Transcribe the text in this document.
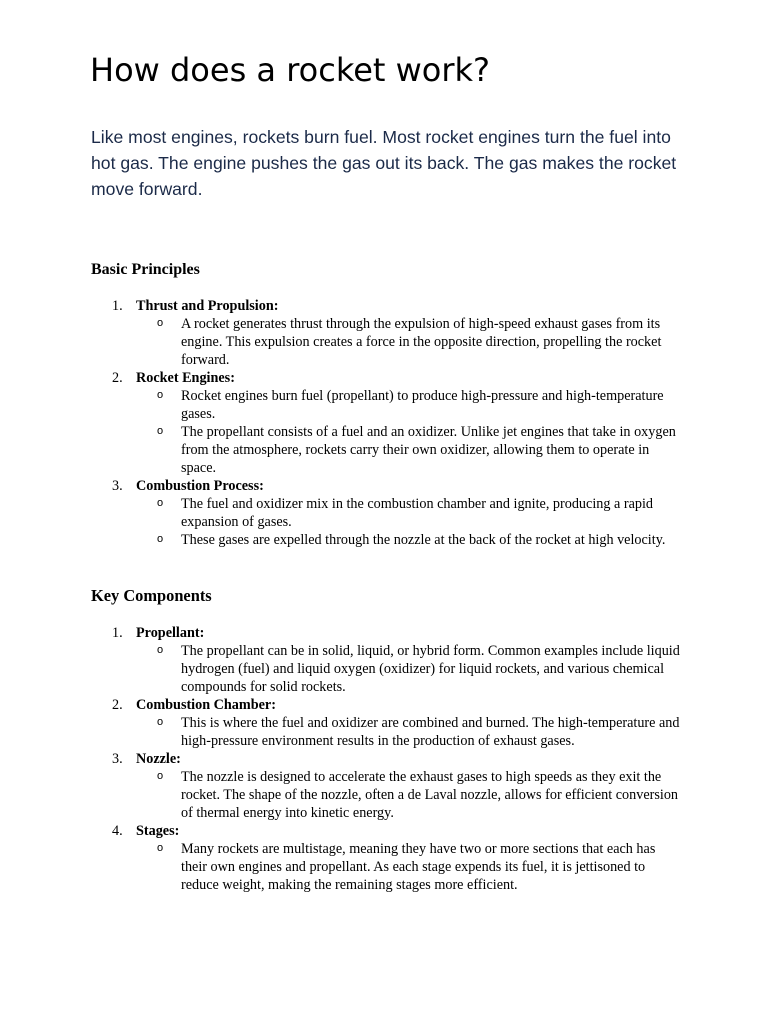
How does a rocket work?

Like most engines, rockets burn fuel. Most rocket engines turn the fuel into hot gas. The engine pushes the gas out its back. The gas makes the rocket move forward.

Basic Principles
1. Thrust and Propulsion:
o A rocket generates thrust through the expulsion of high-speed exhaust gases from its engine. This expulsion creates a force in the opposite direction, propelling the rocket forward.
2. Rocket Engines:
o Rocket engines burn fuel (propellant) to produce high-pressure and high-temperature gases.
o The propellant consists of a fuel and an oxidizer. Unlike jet engines that take in oxygen from the atmosphere, rockets carry their own oxidizer, allowing them to operate in space.
3. Combustion Process:
o The fuel and oxidizer mix in the combustion chamber and ignite, producing a rapid expansion of gases.
o These gases are expelled through the nozzle at the back of the rocket at high velocity.
Key Components
1. Propellant:
o The propellant can be in solid, liquid, or hybrid form. Common examples include liquid hydrogen (fuel) and liquid oxygen (oxidizer) for liquid rockets, and various chemical compounds for solid rockets.
2. Combustion Chamber:
o This is where the fuel and oxidizer are combined and burned. The high-temperature and high-pressure environment results in the production of exhaust gases.
3. Nozzle:
o The nozzle is designed to accelerate the exhaust gases to high speeds as they exit the rocket. The shape of the nozzle, often a de Laval nozzle, allows for efficient conversion of thermal energy into kinetic energy.
4. Stages:
o Many rockets are multistage, meaning they have two or more sections that each has their own engines and propellant. As each stage expends its fuel, it is jettisoned to reduce weight, making the remaining stages more efficient.
